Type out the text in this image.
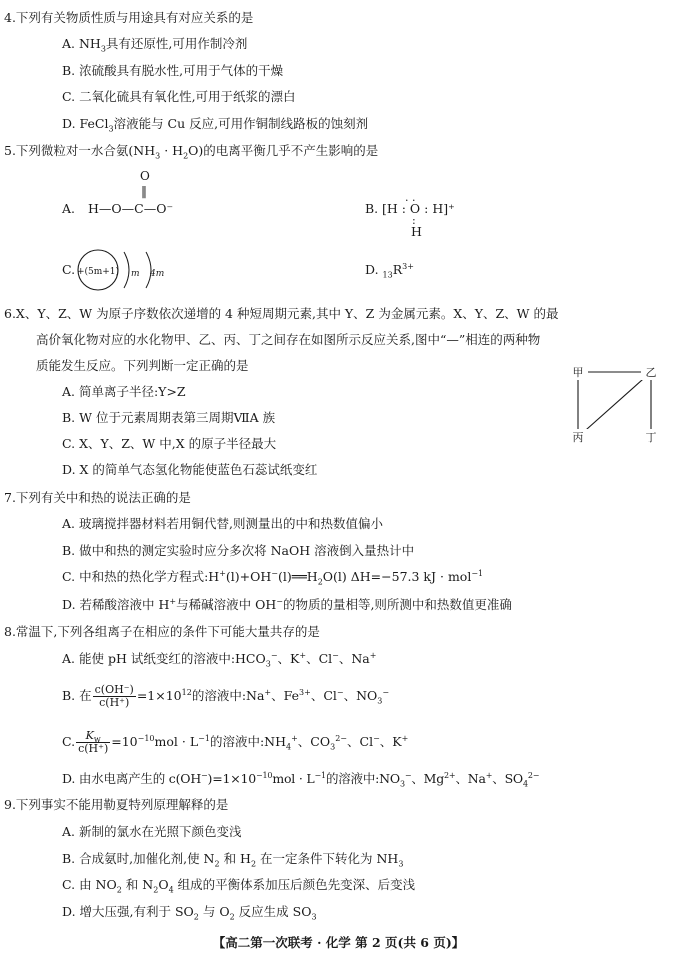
4.下列有关物质性质与用途具有对应关系的是
A. $NH_3$具有还原性,可用作制冷剂
B. 浓硫酸具有脱水性,可用于气体的干燥
C. 二氧化硫具有氧化性,可用于纸浆的漂白
D. FeCl$_3$溶液能与 Cu 反应,可用作铜制线路板的蚀刻剂
5.下列微粒对一水合氨$(NH_3 \cdot H_2O)$的电离平衡几乎不产生影响的是
O
‖
A. H—O—C—O⁻
. .
B. [H : O : H]⁺
:
H
C. +(5m+1) m 4m	D. $_{13}R^{3+}$
6.X、Y、Z、W 为原子序数依次递增的 4 种短周期元素,其中 Y、Z 为金属元素。X、Y、Z、W 的最
高价氧化物对应的水化物甲、乙、丙、丁之间存在如图所示反应关系,图中“—”相连的两种物
质能发生反应。下列判断一定正确的是
A. 简单离子半径:Y>Z
B. W 位于元素周期表第三周期ⅦA 族
C. X、Y、Z、W 中,X 的原子半径最大
D. X 的简单气态氢化物能使蓝色石蕊试纸变红
甲	乙
丙	丁
7.下列有关中和热的说法正确的是
A. 玻璃搅拌器材料若用铜代替,则测量出的中和热数值偏小
B. 做中和热的测定实验时应分多次将 NaOH 溶液倒入量热计中
C. 中和热的热化学方程式$:H^+(l)+OH^-(l)══H_2O(l)$ ΔH=−57.3 kJ · mol$^{-1}$
D. 若稀酸溶液中 H+与稀碱溶液中 OH−的物质的量相等,则所测中和热数值更准确
8.常温下,下列各组离子在相应的条件下可能大量共存的是
A. 能使 pH 试纸变红的溶液中$:HCO_3^-$、K+、Cl−、Na+
B. 在 $\frac{c(OH^-)}{c(H^+)} =1\times 10^{12}$的溶液中:Na+、$Fe^{3+}$、Cl−、$NO_3^-$
C. $\frac{K_w}{c(H^+)} =10^{-10}mol \cdot L^{-1}$的溶液中$:NH_4^+$、$CO_3^{2-}$、Cl−、K+
D. 由水电离产生的 $c(OH^-)=1\times 10^{-10}mol \cdot L^{-1}$的溶液中$:NO_3^-$、$Mg^{2+}$、Na+、$SO_4^{2-}$
9.下列事实不能用勒夏特列原理解释的是
A. 新制的氯水在光照下颜色变浅
B. 合成氨时,加催化剂,使 $N_2$ 和 $H_2$ 在一定条件下转化为 $NH_3$
C. 由 $NO_2$ 和 $N_2O_4$ 组成的平衡体系加压后颜色先变深、后变浅
D. 增大压强,有利于 $SO_2$ 与 $O_2$ 反应生成 $SO_3$
【高二第一次联考 · 化学 第 2 页(共 6 页)】
